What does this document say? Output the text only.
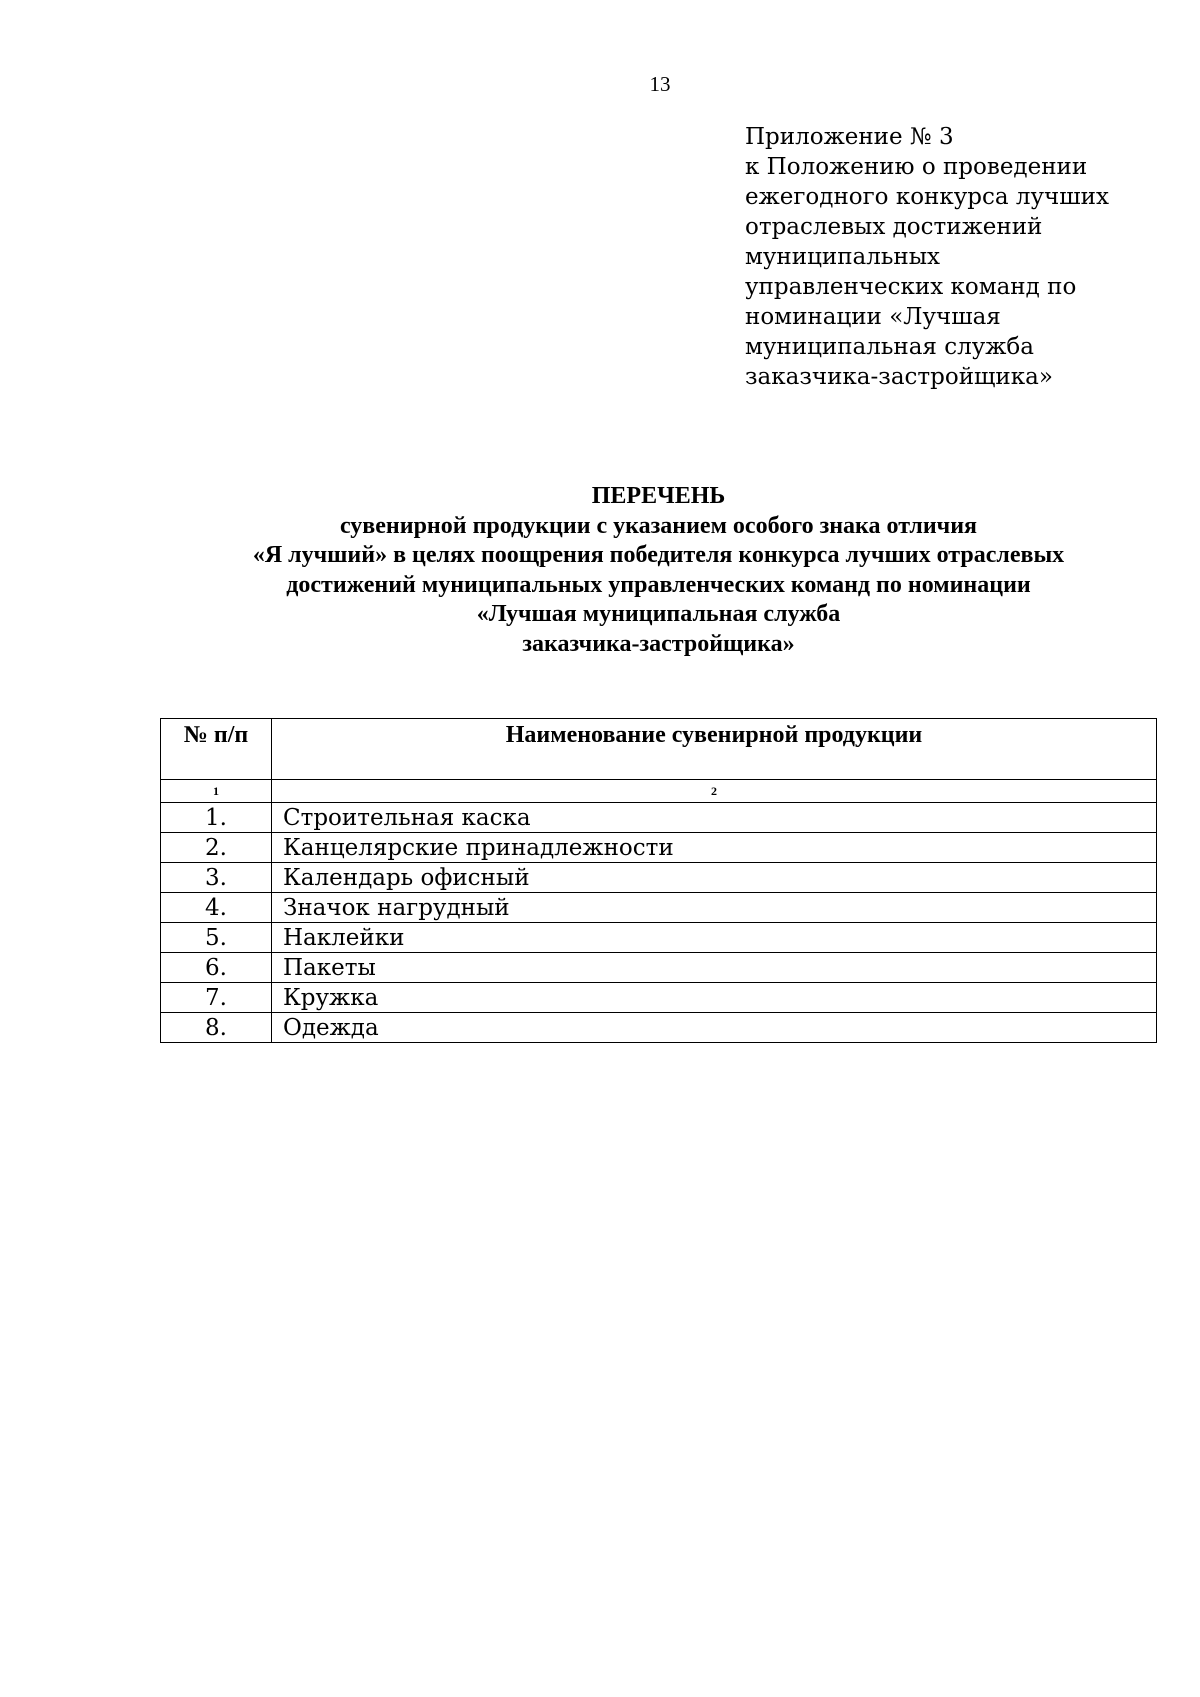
13
Приложение № 3
к Положению о проведении
ежегодного конкурса лучших
отраслевых достижений
муниципальных
управленческих команд по
номинации «Лучшая
муниципальная служба
заказчика-застройщика»
ПЕРЕЧЕНЬ
сувенирной продукции с указанием особого знака отличия
«Я лучший» в целях поощрения победителя конкурса лучших отраслевых
достижений муниципальных управленческих команд по номинации
«Лучшая муниципальная служба
заказчика-застройщика»
№ п/п	Наименование сувенирной продукции
1	2
1.	Строительная каска
2.	Канцелярские принадлежности
3.	Календарь офисный
4.	Значок нагрудный
5.	Наклейки
6.	Пакеты
7.	Кружка
8.	Одежда
